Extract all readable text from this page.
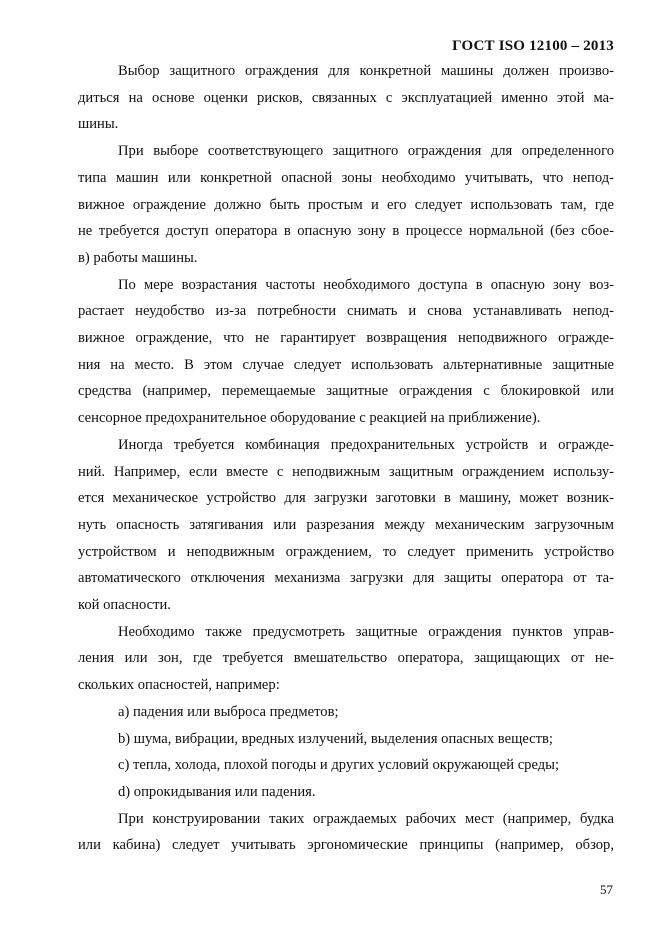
ГОСТ ISO 12100 – 2013
Выбор защитного ограждения для конкретной машины должен произво-
диться на основе оценки рисков, связанных с эксплуатацией именно этой ма-
шины.
При выборе соответствующего защитного ограждения для определенного
типа машин или конкретной опасной зоны необходимо учитывать, что непод-
вижное ограждение должно быть простым и его следует использовать там, где
не требуется доступ оператора в опасную зону в процессе нормальной (без сбое-
в) работы машины.
По мере возрастания частоты необходимого доступа в опасную зону воз-
растает неудобство из-за потребности снимать и снова устанавливать непод-
вижное ограждение, что не гарантирует возвращения неподвижного огражде-
ния на место. В этом случае следует использовать альтернативные защитные
средства (например, перемещаемые защитные ограждения с блокировкой или
сенсорное предохранительное оборудование с реакцией на приближение).
Иногда требуется комбинация предохранительных устройств и огражде-
ний. Например, если вместе с неподвижным защитным ограждением использу-
ется механическое устройство для загрузки заготовки в машину, может возник-
нуть опасность затягивания или разрезания между механическим загрузочным
устройством и неподвижным ограждением, то следует применить устройство
автоматического отключения механизма загрузки для защиты оператора от та-
кой опасности.
Необходимо также предусмотреть защитные ограждения пунктов управ-
ления или зон, где требуется вмешательство оператора, защищающих от не-
скольких опасностей, например:
a) падения или выброса предметов;
b) шума, вибрации, вредных излучений, выделения опасных веществ;
c) тепла, холода, плохой погоды и других условий окружающей среды;
d) опрокидывания или падения.
При конструировании таких ограждаемых рабочих мест (например, будка
или кабина) следует учитывать эргономические принципы (например, обзор,
57
